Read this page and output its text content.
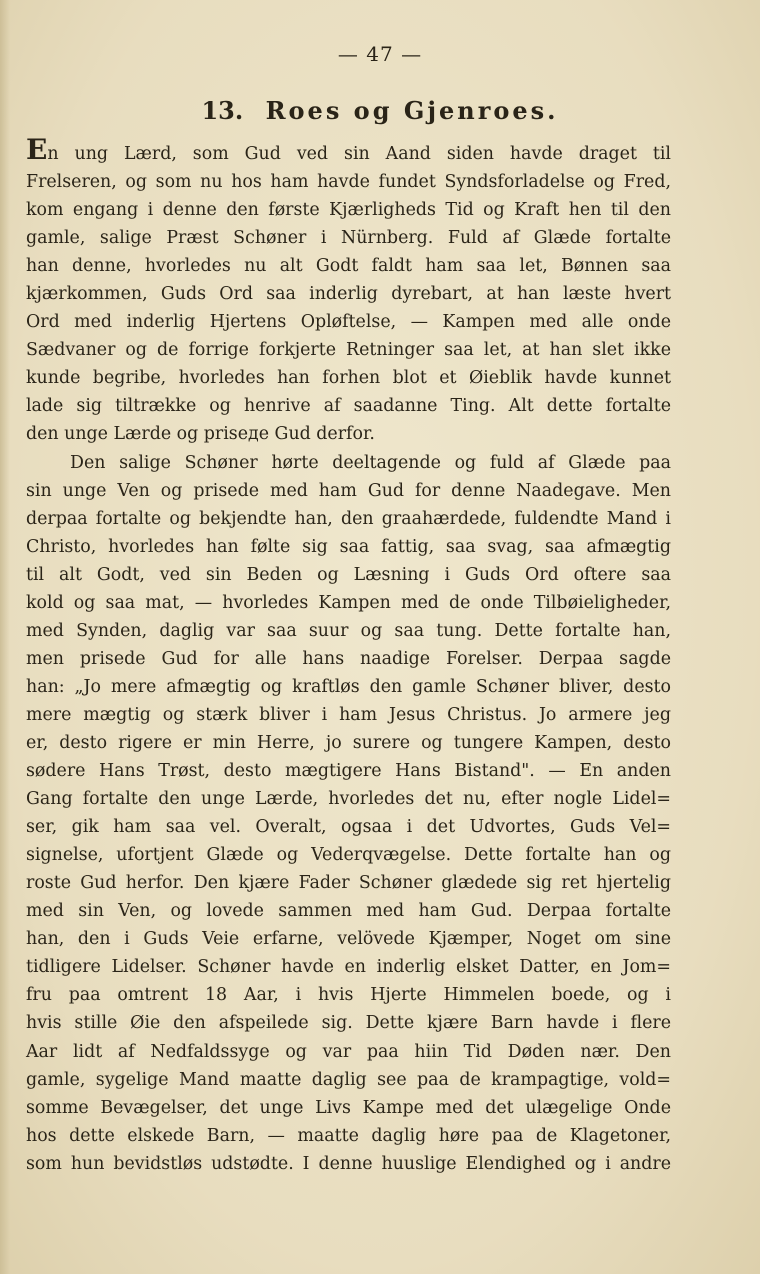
— 47 —
13. Roes og Gjenroes.
En ung Lærd, som Gud ved sin Aand siden havde draget til
Frelseren, og som nu hos ham havde fundet Syndsforladelse og Fred,
kom engang i denne den første Kjærligheds Tid og Kraft hen til den
gamle, salige Præst Schøner i Nürnberg. Fuld af Glæde fortalte
han denne, hvorledes nu alt Godt faldt ham saa let, Bønnen saa
kjærkommen, Guds Ord saa inderlig dyrebart, at han læste hvert
Ord med inderlig Hjertens Opløftelse, — Kampen med alle onde
Sædvaner og de forrige forkjerte Retninger saa let, at han slet ikke
kunde begribe, hvorledes han forhen blot et Øieblik havde kunnet
lade sig tiltrække og henrive af saadanne Ting. Alt dette fortalte
den unge Lærde og priseде Gud derfor.
Den salige Schøner hørte deeltagende og fuld af Glæde paa
sin unge Ven og prisede med ham Gud for denne Naadegave. Men
derpaa fortalte og bekjendte han, den graahærdede, fuldendte Mand i
Christo, hvorledes han følte sig saa fattig, saa svag, saa afmægtig
til alt Godt, ved sin Beden og Læsning i Guds Ord oftere saa
kold og saa mat, — hvorledes Kampen med de onde Tilbøieligheder,
med Synden, daglig var saa suur og saa tung. Dette fortalte han,
men prisede Gud for alle hans naadige Forelser. Derpaa sagde
han: „Jo mere afmægtig og kraftløs den gamle Schøner bliver, desto
mere mægtig og stærk bliver i ham Jesus Christus. Jo armere jeg
er, desto rigere er min Herre, jo surere og tungere Kampen, desto
sødere Hans Trøst, desto mægtigere Hans Bistand". — En anden
Gang fortalte den unge Lærde, hvorledes det nu, efter nogle Lidel=
ser, gik ham saa vel. Overalt, ogsaa i det Udvortes, Guds Vel=
signelse, ufortjent Glæde og Vederqvægelse. Dette fortalte han og
roste Gud herfor. Den kjære Fader Schøner glædede sig ret hjertelig
med sin Ven, og lovede sammen med ham Gud. Derpaa fortalte
han, den i Guds Veie erfarne, velövede Kjæmper, Noget om sine
tidligere Lidelser. Schøner havde en inderlig elsket Datter, en Jom=
fru paa omtrent 18 Aar, i hvis Hjerte Himmelen boede, og i
hvis stille Øie den afspeilede sig. Dette kjære Barn havde i flere
Aar lidt af Nedfaldssyge og var paa hiin Tid Døden nær. Den
gamle, sygelige Mand maatte daglig see paa de krampagtige, vold=
somme Bevægelser, det unge Livs Kampe med det ulægelige Onde
hos dette elskede Barn, — maatte daglig høre paa de Klagetoner,
som hun bevidstløs udstødte. I denne huuslige Elendighed og i andre
